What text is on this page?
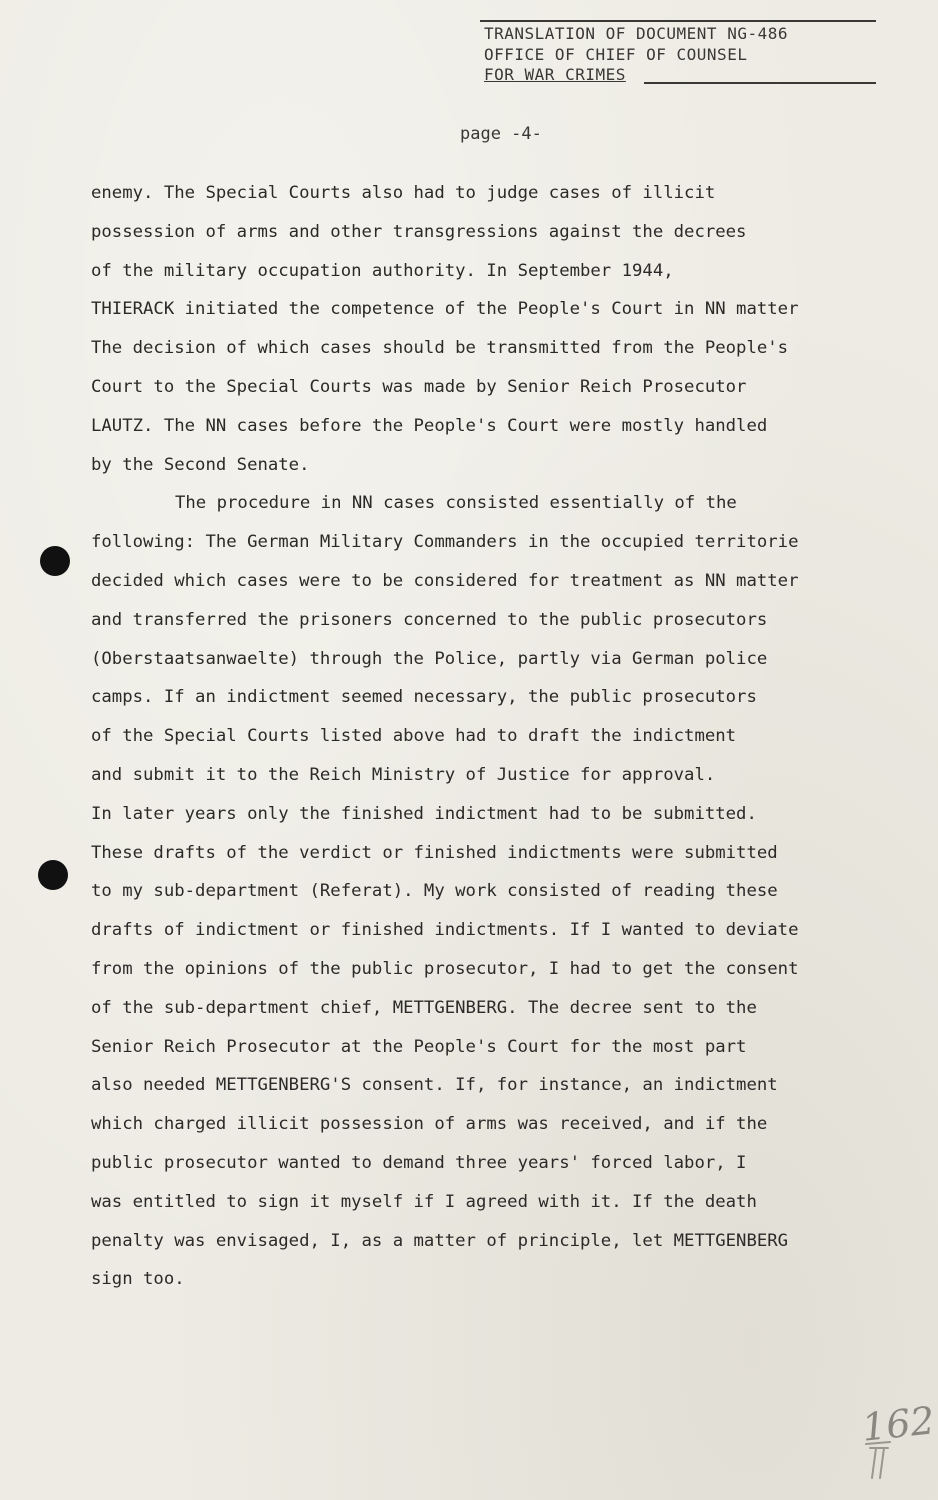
TRANSLATION OF DOCUMENT NG-486
OFFICE OF CHIEF OF COUNSEL
FOR WAR CRIMES
page -4-
enemy. The Special Courts also had to judge cases of illicit
possession of arms and other transgressions against the decrees
of the military occupation authority. In September 1944,
THIERACK initiated the competence of the People's Court in NN matter
The decision of which cases should be transmitted from the People's
Court to the Special Courts was made by Senior Reich Prosecutor
LAUTZ. The NN cases before the People's Court were mostly handled
by the Second Senate.
The procedure in NN cases consisted essentially of the
following: The German Military Commanders in the occupied territorie
decided which cases were to be considered for treatment as NN matter
and transferred the prisoners concerned to the public prosecutors
(Oberstaatsanwaelte) through the Police, partly via German police
camps. If an indictment seemed necessary, the public prosecutors
of the Special Courts listed above had to draft the indictment
and submit it to the Reich Ministry of Justice for approval.
In later years only the finished indictment had to be submitted.
These drafts of the verdict or finished indictments were submitted
to my sub-department (Referat). My work consisted of reading these
drafts of indictment or finished indictments. If I wanted to deviate
from the opinions of the public prosecutor, I had to get the consent
of the sub-department chief, METTGENBERG. The decree sent to the
Senior Reich Prosecutor at the People's Court for the most part
also needed METTGENBERG'S consent. If, for instance, an indictment
which charged illicit possession of arms was received, and if the
public prosecutor wanted to demand three years' forced labor, I
was entitled to sign it myself if I agreed with it. If the death
penalty was envisaged, I, as a matter of principle, let METTGENBERG
sign too.
162
